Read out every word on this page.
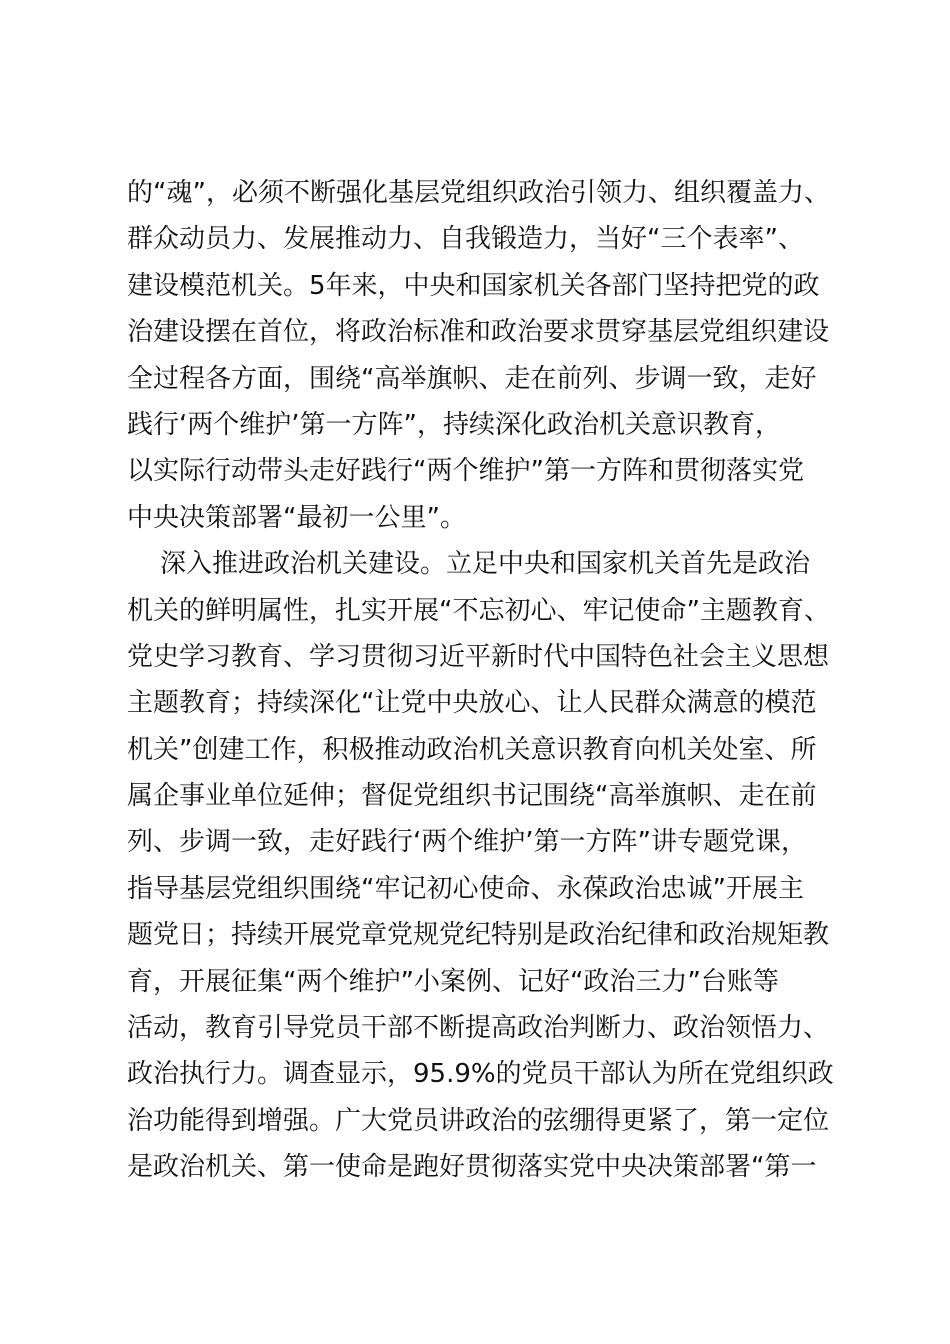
的“魂”，必须不断强化基层党组织政治引领力、组织覆盖力、
群众动员力、发展推动力、自我锻造力，当好“三个表率”、
建设模范机关。5年来，中央和国家机关各部门坚持把党的政
治建设摆在首位，将政治标准和政治要求贯穿基层党组织建设
全过程各方面，围绕“高举旗帜、走在前列、步调一致，走好
践行‘两个维护’第一方阵”，持续深化政治机关意识教育，
以实际行动带头走好践行“两个维护”第一方阵和贯彻落实党
中央决策部署“最初一公里”。
深入推进政治机关建设。立足中央和国家机关首先是政治
机关的鲜明属性，扎实开展“不忘初心、牢记使命”主题教育、
党史学习教育、学习贯彻习近平新时代中国特色社会主义思想
主题教育；持续深化“让党中央放心、让人民群众满意的模范
机关”创建工作，积极推动政治机关意识教育向机关处室、所
属企事业单位延伸；督促党组织书记围绕“高举旗帜、走在前
列、步调一致，走好践行‘两个维护’第一方阵”讲专题党课，
指导基层党组织围绕“牢记初心使命、永葆政治忠诚”开展主
题党日；持续开展党章党规党纪特别是政治纪律和政治规矩教
育，开展征集“两个维护”小案例、记好“政治三力”台账等
活动，教育引导党员干部不断提高政治判断力、政治领悟力、
政治执行力。调查显示，95.9%的党员干部认为所在党组织政
治功能得到增强。广大党员讲政治的弦绷得更紧了，第一定位
是政治机关、第一使命是跑好贯彻落实党中央决策部署“第一
